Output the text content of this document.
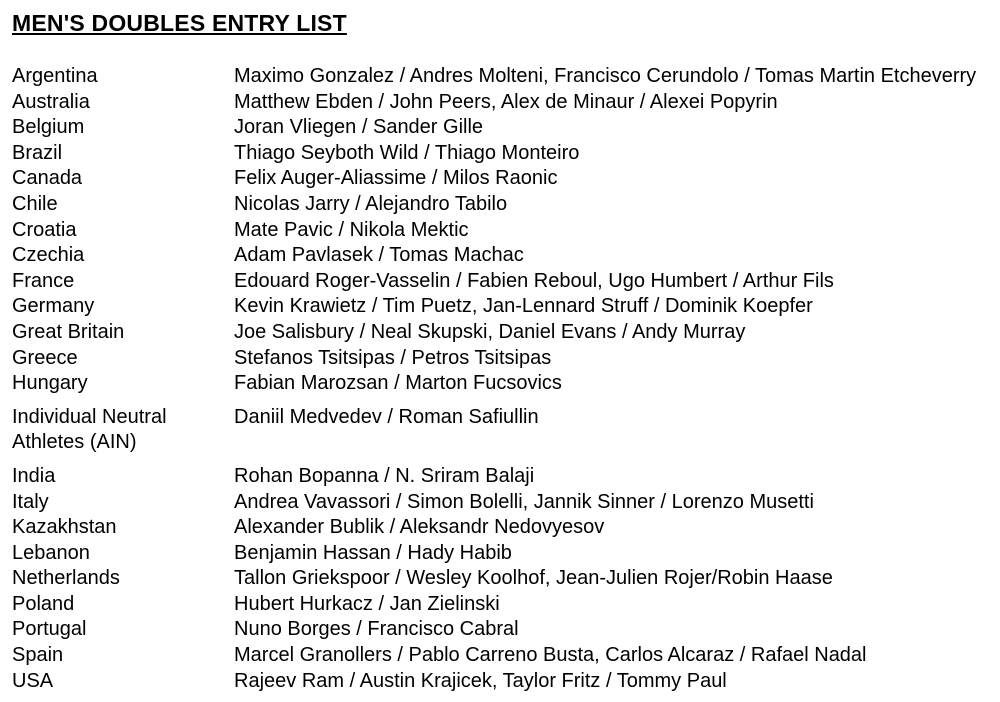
MEN'S DOUBLES ENTRY LIST
Argentina	Maximo Gonzalez / Andres Molteni, Francisco Cerundolo / Tomas Martin Etcheverry
Australia	Matthew Ebden / John Peers, Alex de Minaur / Alexei Popyrin
Belgium	Joran Vliegen / Sander Gille
Brazil	Thiago Seyboth Wild / Thiago Monteiro
Canada	Felix Auger-Aliassime / Milos Raonic
Chile	Nicolas Jarry / Alejandro Tabilo
Croatia	Mate Pavic / Nikola Mektic
Czechia	Adam Pavlasek / Tomas Machac
France	Edouard Roger-Vasselin / Fabien Reboul, Ugo Humbert / Arthur Fils
Germany	Kevin Krawietz / Tim Puetz, Jan-Lennard Struff / Dominik Koepfer
Great Britain	Joe Salisbury / Neal Skupski, Daniel Evans / Andy Murray
Greece	Stefanos Tsitsipas / Petros Tsitsipas
Hungary	Fabian Marozsan / Marton Fucsovics

Individual Neutral Athletes (AIN)	Daniil Medvedev / Roman Safiullin

India	Rohan Bopanna / N. Sriram Balaji
Italy	Andrea Vavassori / Simon Bolelli, Jannik Sinner / Lorenzo Musetti
Kazakhstan	Alexander Bublik / Aleksandr Nedovyesov
Lebanon	Benjamin Hassan / Hady Habib
Netherlands	Tallon Griekspoor / Wesley Koolhof, Jean-Julien Rojer/Robin Haase
Poland	Hubert Hurkacz / Jan Zielinski
Portugal	Nuno Borges / Francisco Cabral
Spain	Marcel Granollers / Pablo Carreno Busta, Carlos Alcaraz / Rafael Nadal
USA	Rajeev Ram / Austin Krajicek, Taylor Fritz / Tommy Paul
